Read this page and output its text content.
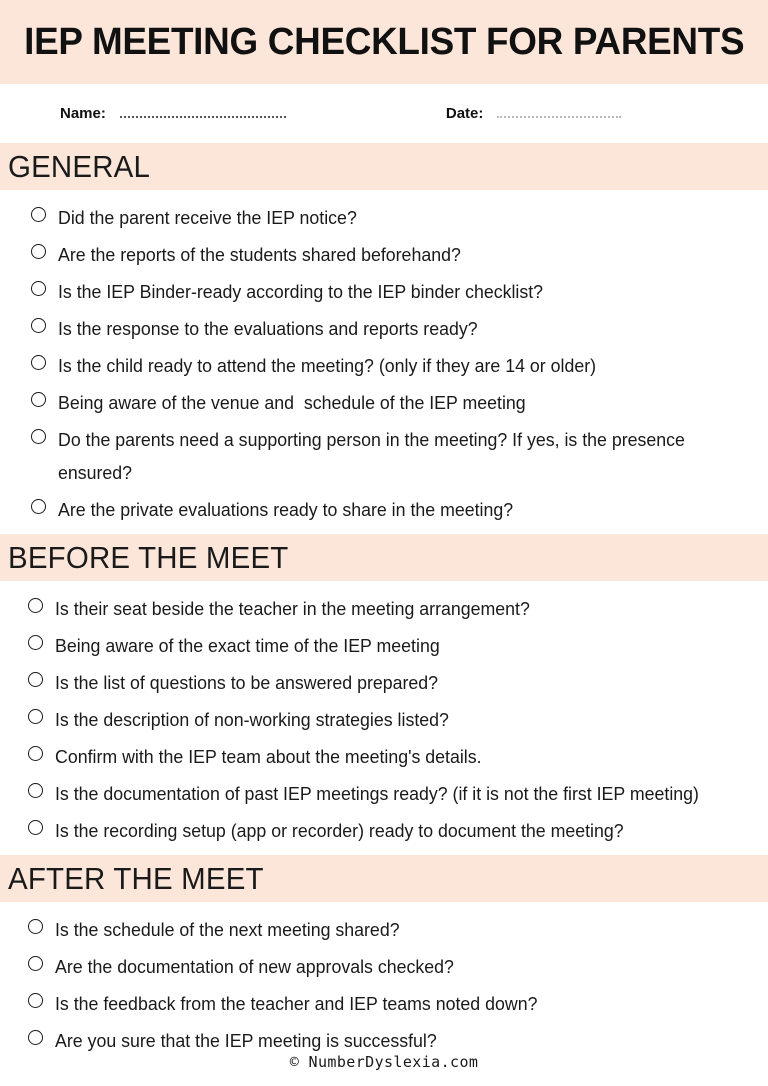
IEP MEETING CHECKLIST FOR PARENTS
Name:	Date:
GENERAL
Did the parent receive the IEP notice?
Are the reports of the students shared beforehand?
Is the IEP Binder-ready according to the IEP binder checklist?
Is the response to the evaluations and reports ready?
Is the child ready to attend the meeting? (only if they are 14 or older)
Being aware of the venue and  schedule of the IEP meeting
Do the parents need a supporting person in the meeting? If yes, is the presence ensured?
Are the private evaluations ready to share in the meeting?
BEFORE THE MEET
Is their seat beside the teacher in the meeting arrangement?
Being aware of the exact time of the IEP meeting
Is the list of questions to be answered prepared?
Is the description of non-working strategies listed?
Confirm with the IEP team about the meeting's details.
Is the documentation of past IEP meetings ready? (if it is not the first IEP meeting)
Is the recording setup (app or recorder) ready to document the meeting?
AFTER THE MEET
Is the schedule of the next meeting shared?
Are the documentation of new approvals checked?
Is the feedback from the teacher and IEP teams noted down?
Are you sure that the IEP meeting is successful?
© NumberDyslexia.com
